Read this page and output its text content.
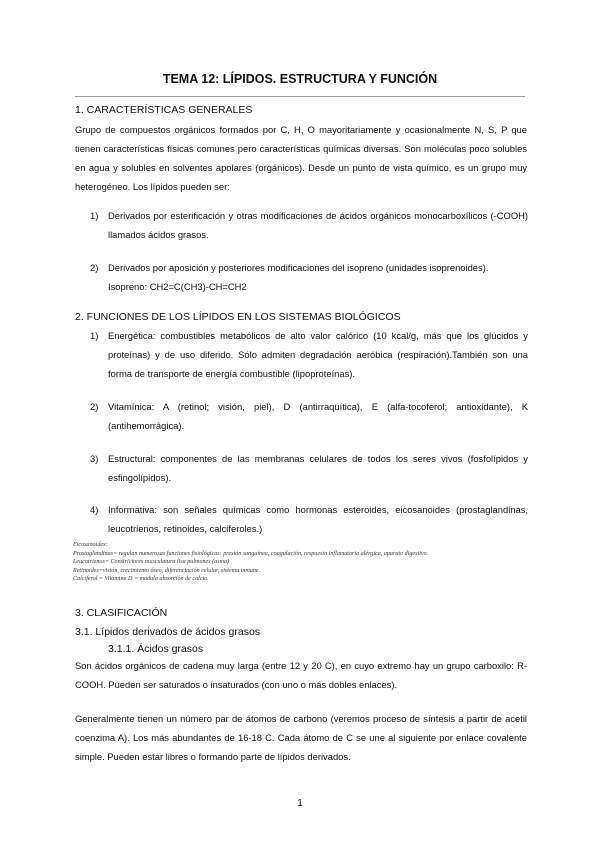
TEMA 12: LÍPIDOS. ESTRUCTURA Y FUNCIÓN
1. CARACTERÍSTICAS GENERALES
Grupo de compuestos orgánicos formados por C, H, O mayoritariamente y ocasionalmente N, S, P que tienen características físicas comunes pero características químicas diversas. Son moléculas poco solubles en agua y solubles en solventes apolares (orgánicos). Desde un punto de vista químico, es un grupo muy heterogéneo. Los lípidos pueden ser:
1)	Derivados por esterificación y otras modificaciones de ácidos orgánicos monocarboxílicos (-COOH) llamados ácidos grasos.
2)	Derivados por aposición y posteriores modificaciones del isopreno (unidades isoprenoides).
Isopreno: CH2=C(CH3)-CH=CH2
2. FUNCIONES DE LOS LÍPIDOS EN LOS SISTEMAS BIOLÓGICOS
1)	Energética: combustibles metabólicos de alto valor calórico (10 kcal/g, más que los glúcidos y proteínas) y de uso diferido. Sólo admiten degradación aeróbica (respiración).También son una forma de transporte de energía combustible (lipoproteínas).
2)	Vitamínica: A (retinol; visión, piel), D (antirraquítica), E (alfa-tocoferol; antioxidante), K (antihemorrágica).
3)	Estructural: componentes de las membranas celulares de todos los seres vivos (fosfolípidos y esfingolípidos).
4)	Informativa: son señales químicas como hormonas esteroides, eicosanoides (prostaglandinas, leucotrienos, retinoides, calciferoles.)
Eicosanoides:
Prostaglandinas= regulan numerosas funciones fisiológicas: presión sanguínea, coagulación, respuesta inflamatoria alérgica, aparato digestivo.
Leucotrienos= Constrictores musculatura lisa pulmones (asma)
Retinoides=visión, crecimiento óseo, diferenciación celular, sistema inmune.
Calciferol = Vitamina D = modula absorción de calcio.
3. CLASIFICACIÓN
3.1. Lípidos derivados de ácidos grasos
3.1.1. Ácidos grasos
Son ácidos orgánicos de cadena muy larga (entre 12 y 20 C), en cuyo extremo hay un grupo carboxilo: R-COOH. Pueden ser saturados o insaturados (con uno o más dobles enlaces).
Generalmente tienen un número par de átomos de carbono (veremos proceso de síntesis a partir de acetil coenzima A). Los más abundantes de 16-18 C. Cada átomo de C se une al siguiente por enlace covalente simple. Pueden estar libres o formando parte de lípidos derivados.
1
